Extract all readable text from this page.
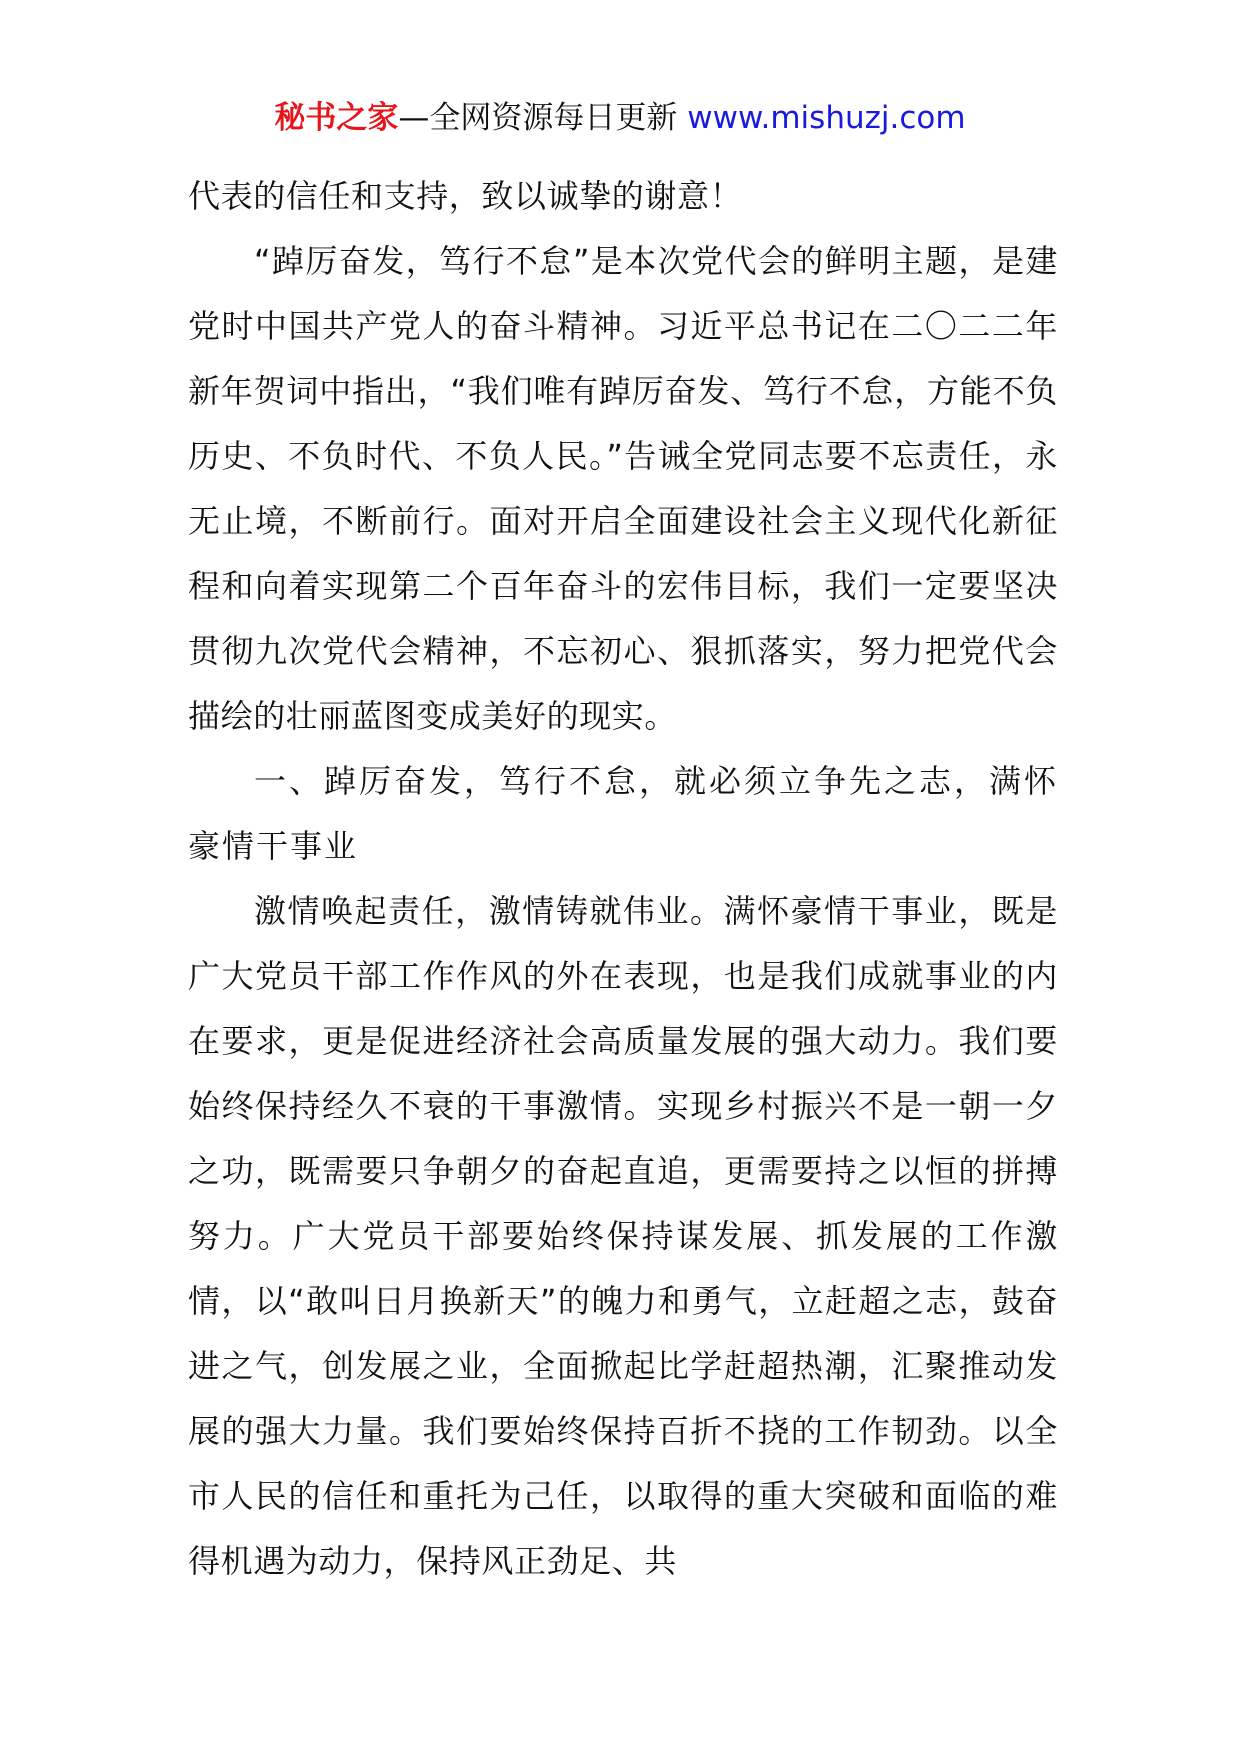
秘书之家—全网资源每日更新 www.mishuzj.com

代表的信任和支持，致以诚挚的谢意！

“踔厉奋发，笃行不怠”是本次党代会的鲜明主题，是建党时中国共产党人的奋斗精神。习近平总书记在二〇二二年新年贺词中指出，“我们唯有踔厉奋发、笃行不怠，方能不负历史、不负时代、不负人民。”告诫全党同志要不忘责任，永无止境，不断前行。面对开启全面建设社会主义现代化新征程和向着实现第二个百年奋斗的宏伟目标，我们一定要坚决贯彻九次党代会精神，不忘初心、狠抓落实，努力把党代会描绘的壮丽蓝图变成美好的现实。

一、踔厉奋发，笃行不怠，就必须立争先之志，满怀豪情干事业

激情唤起责任，激情铸就伟业。满怀豪情干事业，既是广大党员干部工作作风的外在表现，也是我们成就事业的内在要求，更是促进经济社会高质量发展的强大动力。我们要始终保持经久不衰的干事激情。实现乡村振兴不是一朝一夕之功，既需要只争朝夕的奋起直追，更需要持之以恒的拼搏努力。广大党员干部要始终保持谋发展、抓发展的工作激情，以“敢叫日月换新天”的魄力和勇气，立赶超之志，鼓奋进之气，创发展之业，全面掀起比学赶超热潮，汇聚推动发展的强大力量。我们要始终保持百折不挠的工作韧劲。以全市人民的信任和重托为己任，以取得的重大突破和面临的难得机遇为动力，保持风正劲足、共
